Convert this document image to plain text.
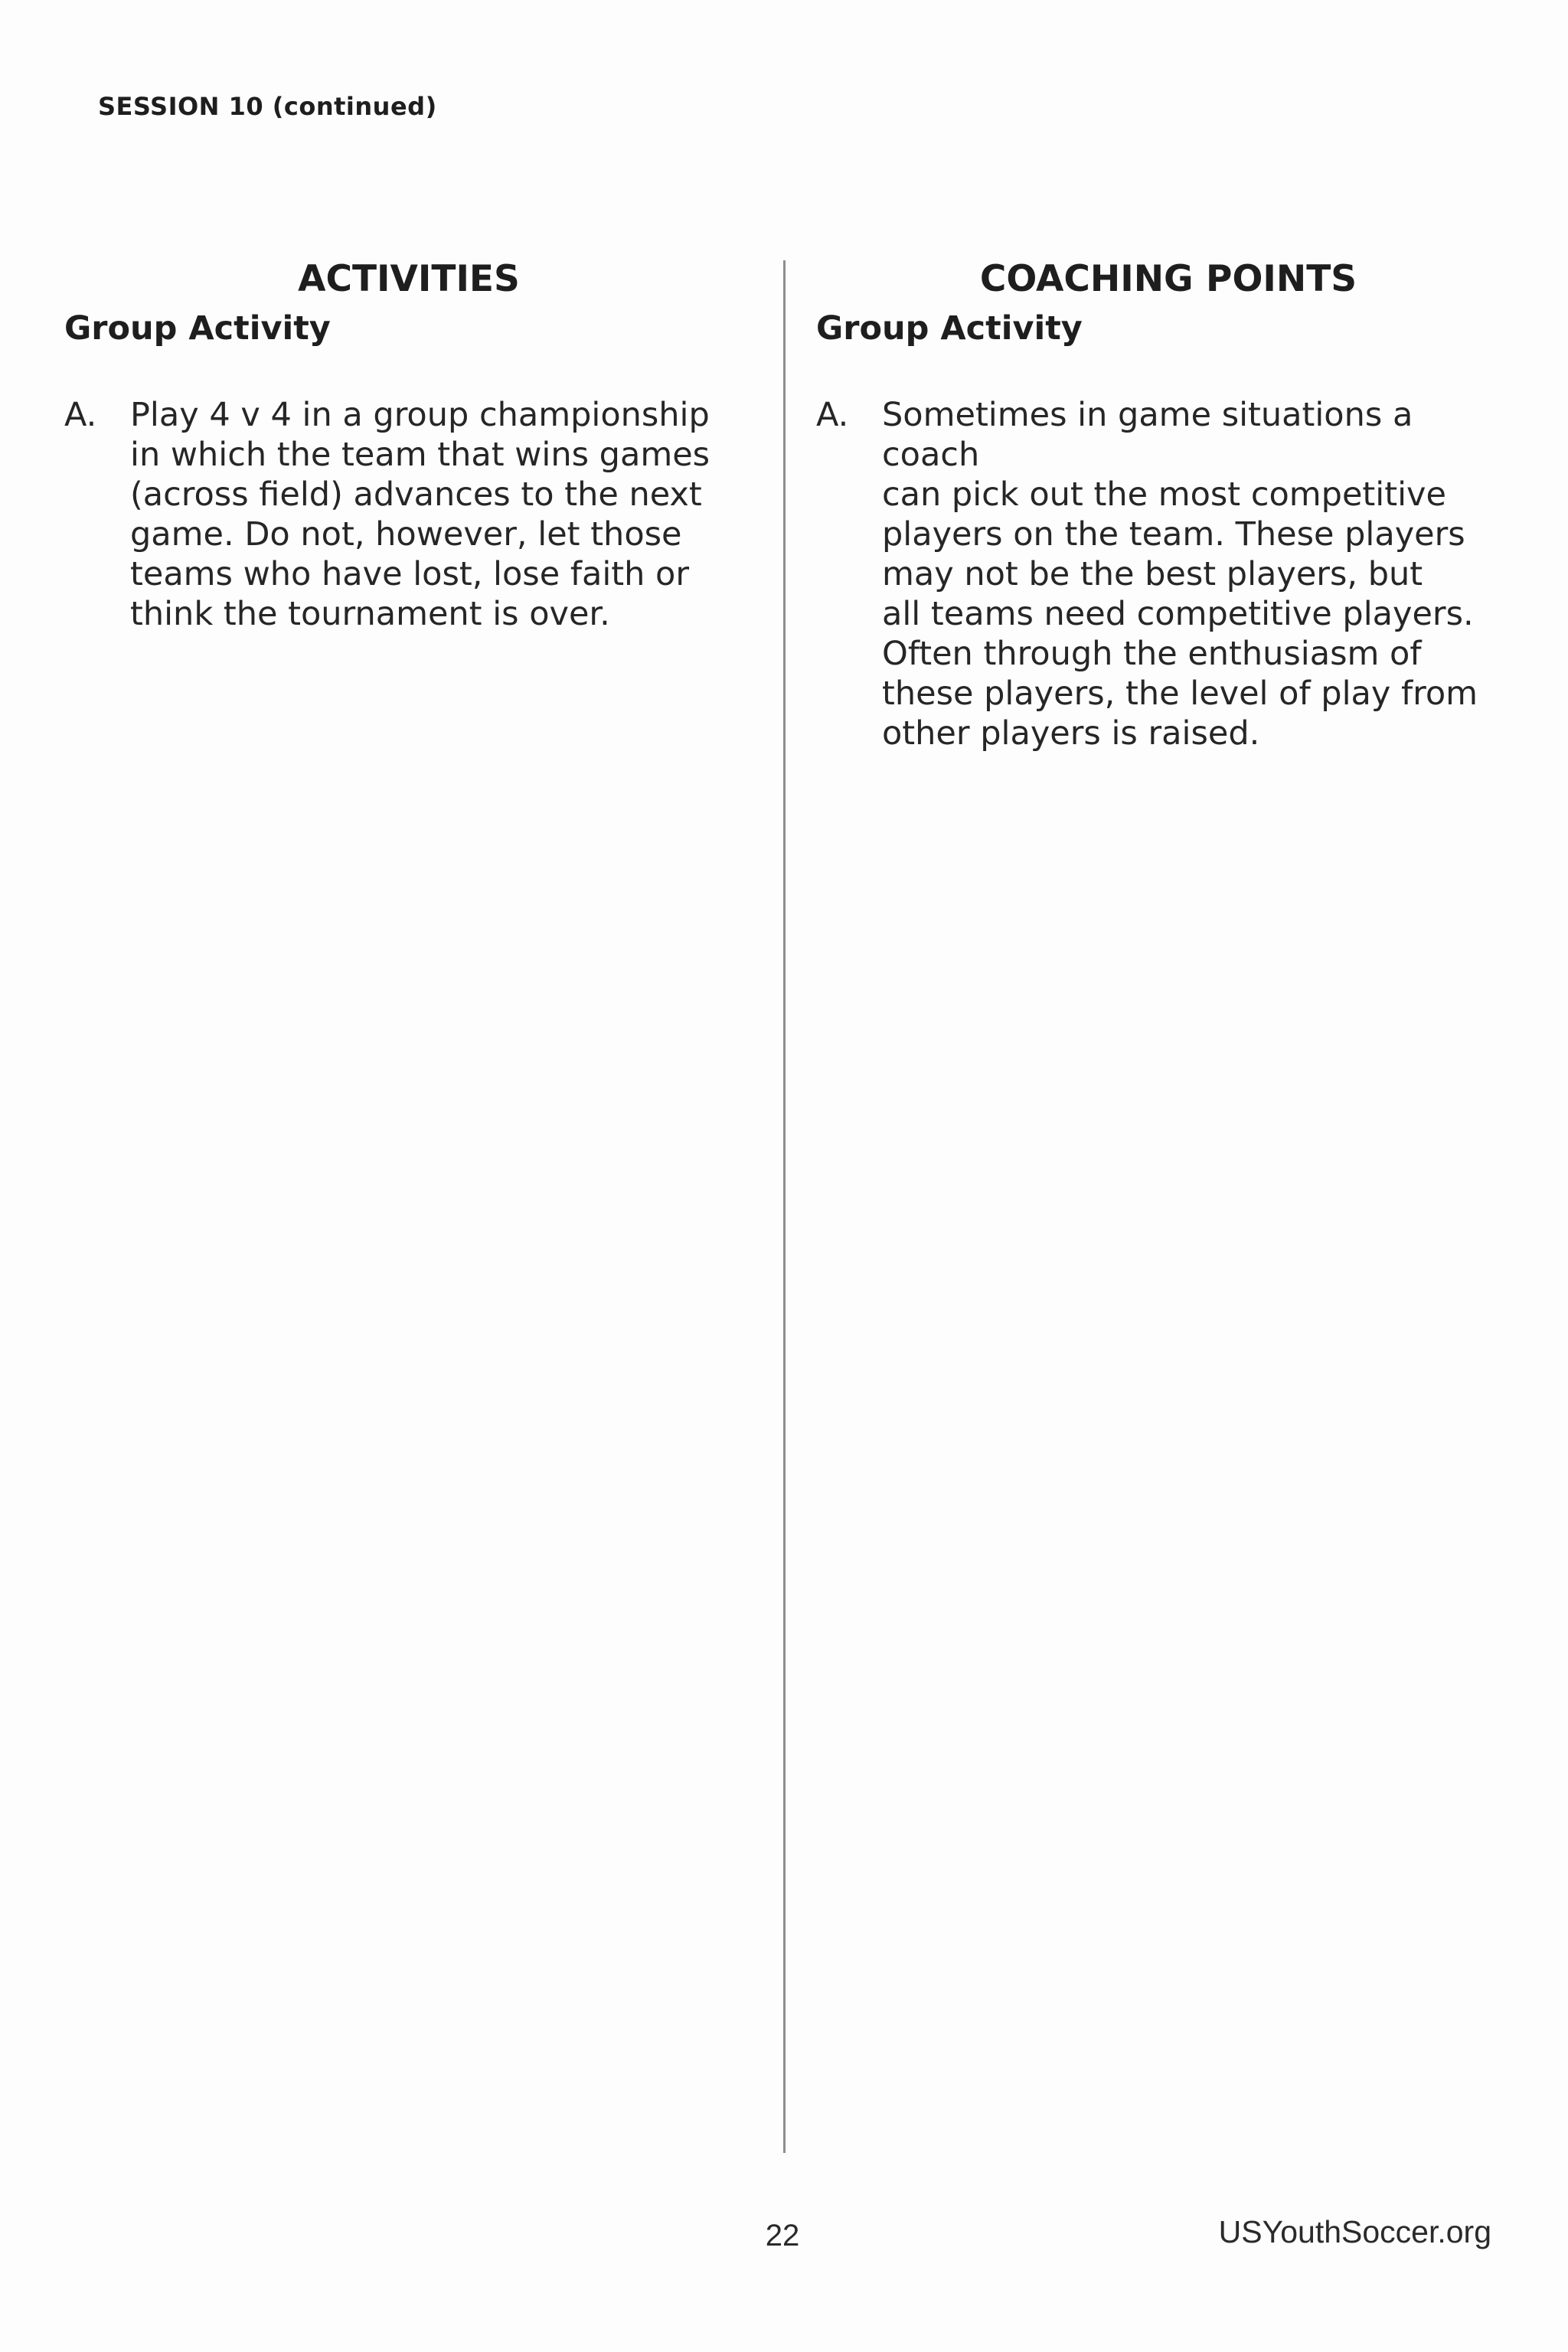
SESSION 10 (continued)
ACTIVITIES
Group Activity
A.	Play 4 v 4 in a group championship
in which the team that wins games
(across field) advances to the next
game. Do not, however, let those
teams who have lost, lose faith or
think the tournament is over.
COACHING POINTS
Group Activity
A.	Sometimes in game situations a coach
can pick out the most competitive
players on the team. These players
may not be the best players, but
all teams need competitive players.
Often through the enthusiasm of
these players, the level of play from
other players is raised.
22	USYouthSoccer.org
